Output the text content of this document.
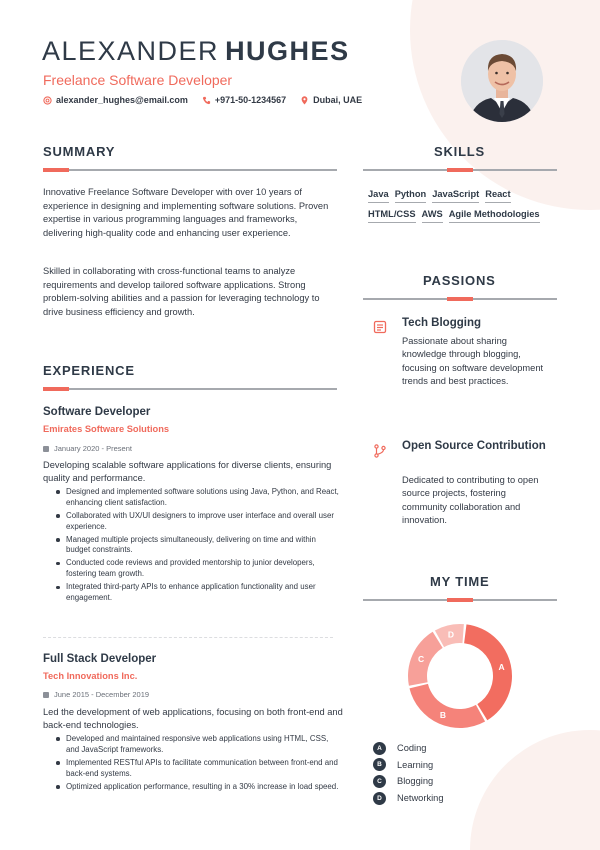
ALEXANDER HUGHES
Freelance Software Developer
alexander_hughes@email.com	+971-50-1234567	Dubai, UAE
SUMMARY
Innovative Freelance Software Developer with over 10 years of experience in designing and implementing software solutions. Proven expertise in various programming languages and frameworks, delivering high-quality code and enhancing user experience.
Skilled in collaborating with cross-functional teams to analyze requirements and develop tailored software applications. Strong problem-solving abilities and a passion for leveraging technology to drive business efficiency and growth.
EXPERIENCE
Software Developer
Emirates Software Solutions
January 2020 - Present
Developing scalable software applications for diverse clients, ensuring quality and performance.
Designed and implemented software solutions using Java, Python, and React, enhancing client satisfaction.
Collaborated with UX/UI designers to improve user interface and overall user experience.
Managed multiple projects simultaneously, delivering on time and within budget constraints.
Conducted code reviews and provided mentorship to junior developers, fostering team growth.
Integrated third-party APIs to enhance application functionality and user engagement.
Full Stack Developer
Tech Innovations Inc.
June 2015 - December 2019
Led the development of web applications, focusing on both front-end and back-end technologies.
Developed and maintained responsive web applications using HTML, CSS, and JavaScript frameworks.
Implemented RESTful APIs to facilitate communication between front-end and back-end systems.
Optimized application performance, resulting in a 30% increase in load speed.
SKILLS
Java Python JavaScript React
HTML/CSS AWS Agile Methodologies
PASSIONS
Tech Blogging
Passionate about sharing knowledge through blogging, focusing on software development trends and best practices.
Open Source Contribution
Dedicated to contributing to open source projects, fostering community collaboration and innovation.
MY TIME
A
B
C
D
A	Coding
B	Learning
C	Blogging
D	Networking
